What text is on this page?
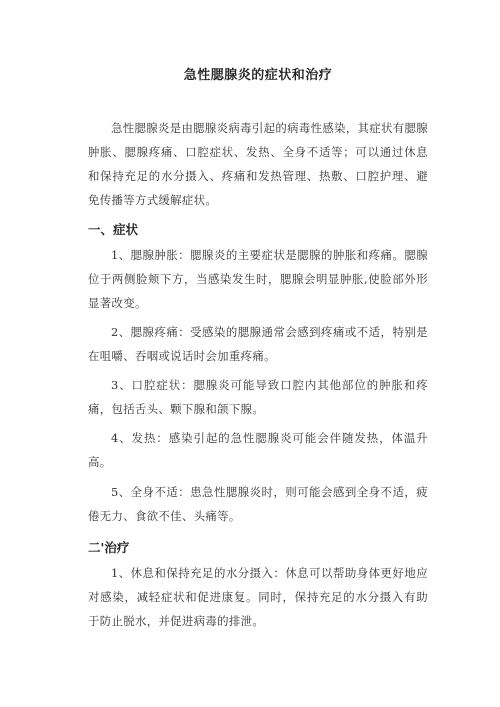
急性腮腺炎的症状和治疗

急性腮腺炎是由腮腺炎病毒引起的病毒性感染，其症状有腮腺肿胀、腮腺疼痛、口腔症状、发热、全身不适等；可以通过休息和保持充足的水分摄入、疼痛和发热管理、热敷、口腔护理、避免传播等方式缓解症状。

一、症状

1、腮腺肿胀：腮腺炎的主要症状是腮腺的肿胀和疼痛。腮腺位于两侧脸颊下方，当感染发生时，腮腺会明显肿胀,使脸部外形显著改变。

2、腮腺疼痛：受感染的腮腺通常会感到疼痛或不适，特别是在咀嚼、吞咽或说话时会加重疼痛。

3、口腔症状：腮腺炎可能导致口腔内其他部位的肿胀和疼痛，包括舌头、颗下腺和颌下腺。

4、发热：感染引起的急性腮腺炎可能会伴随发热，体温升高。

5、全身不适：患急性腮腺炎时，则可能会感到全身不适，疲倦无力、食欲不佳、头痛等。

二'治疗

1、休息和保持充足的水分摄入：休息可以帮助身体更好地应对感染，减轻症状和促进康复。同时，保持充足的水分摄入有助于防止脱水，并促进病毒的排泄。
